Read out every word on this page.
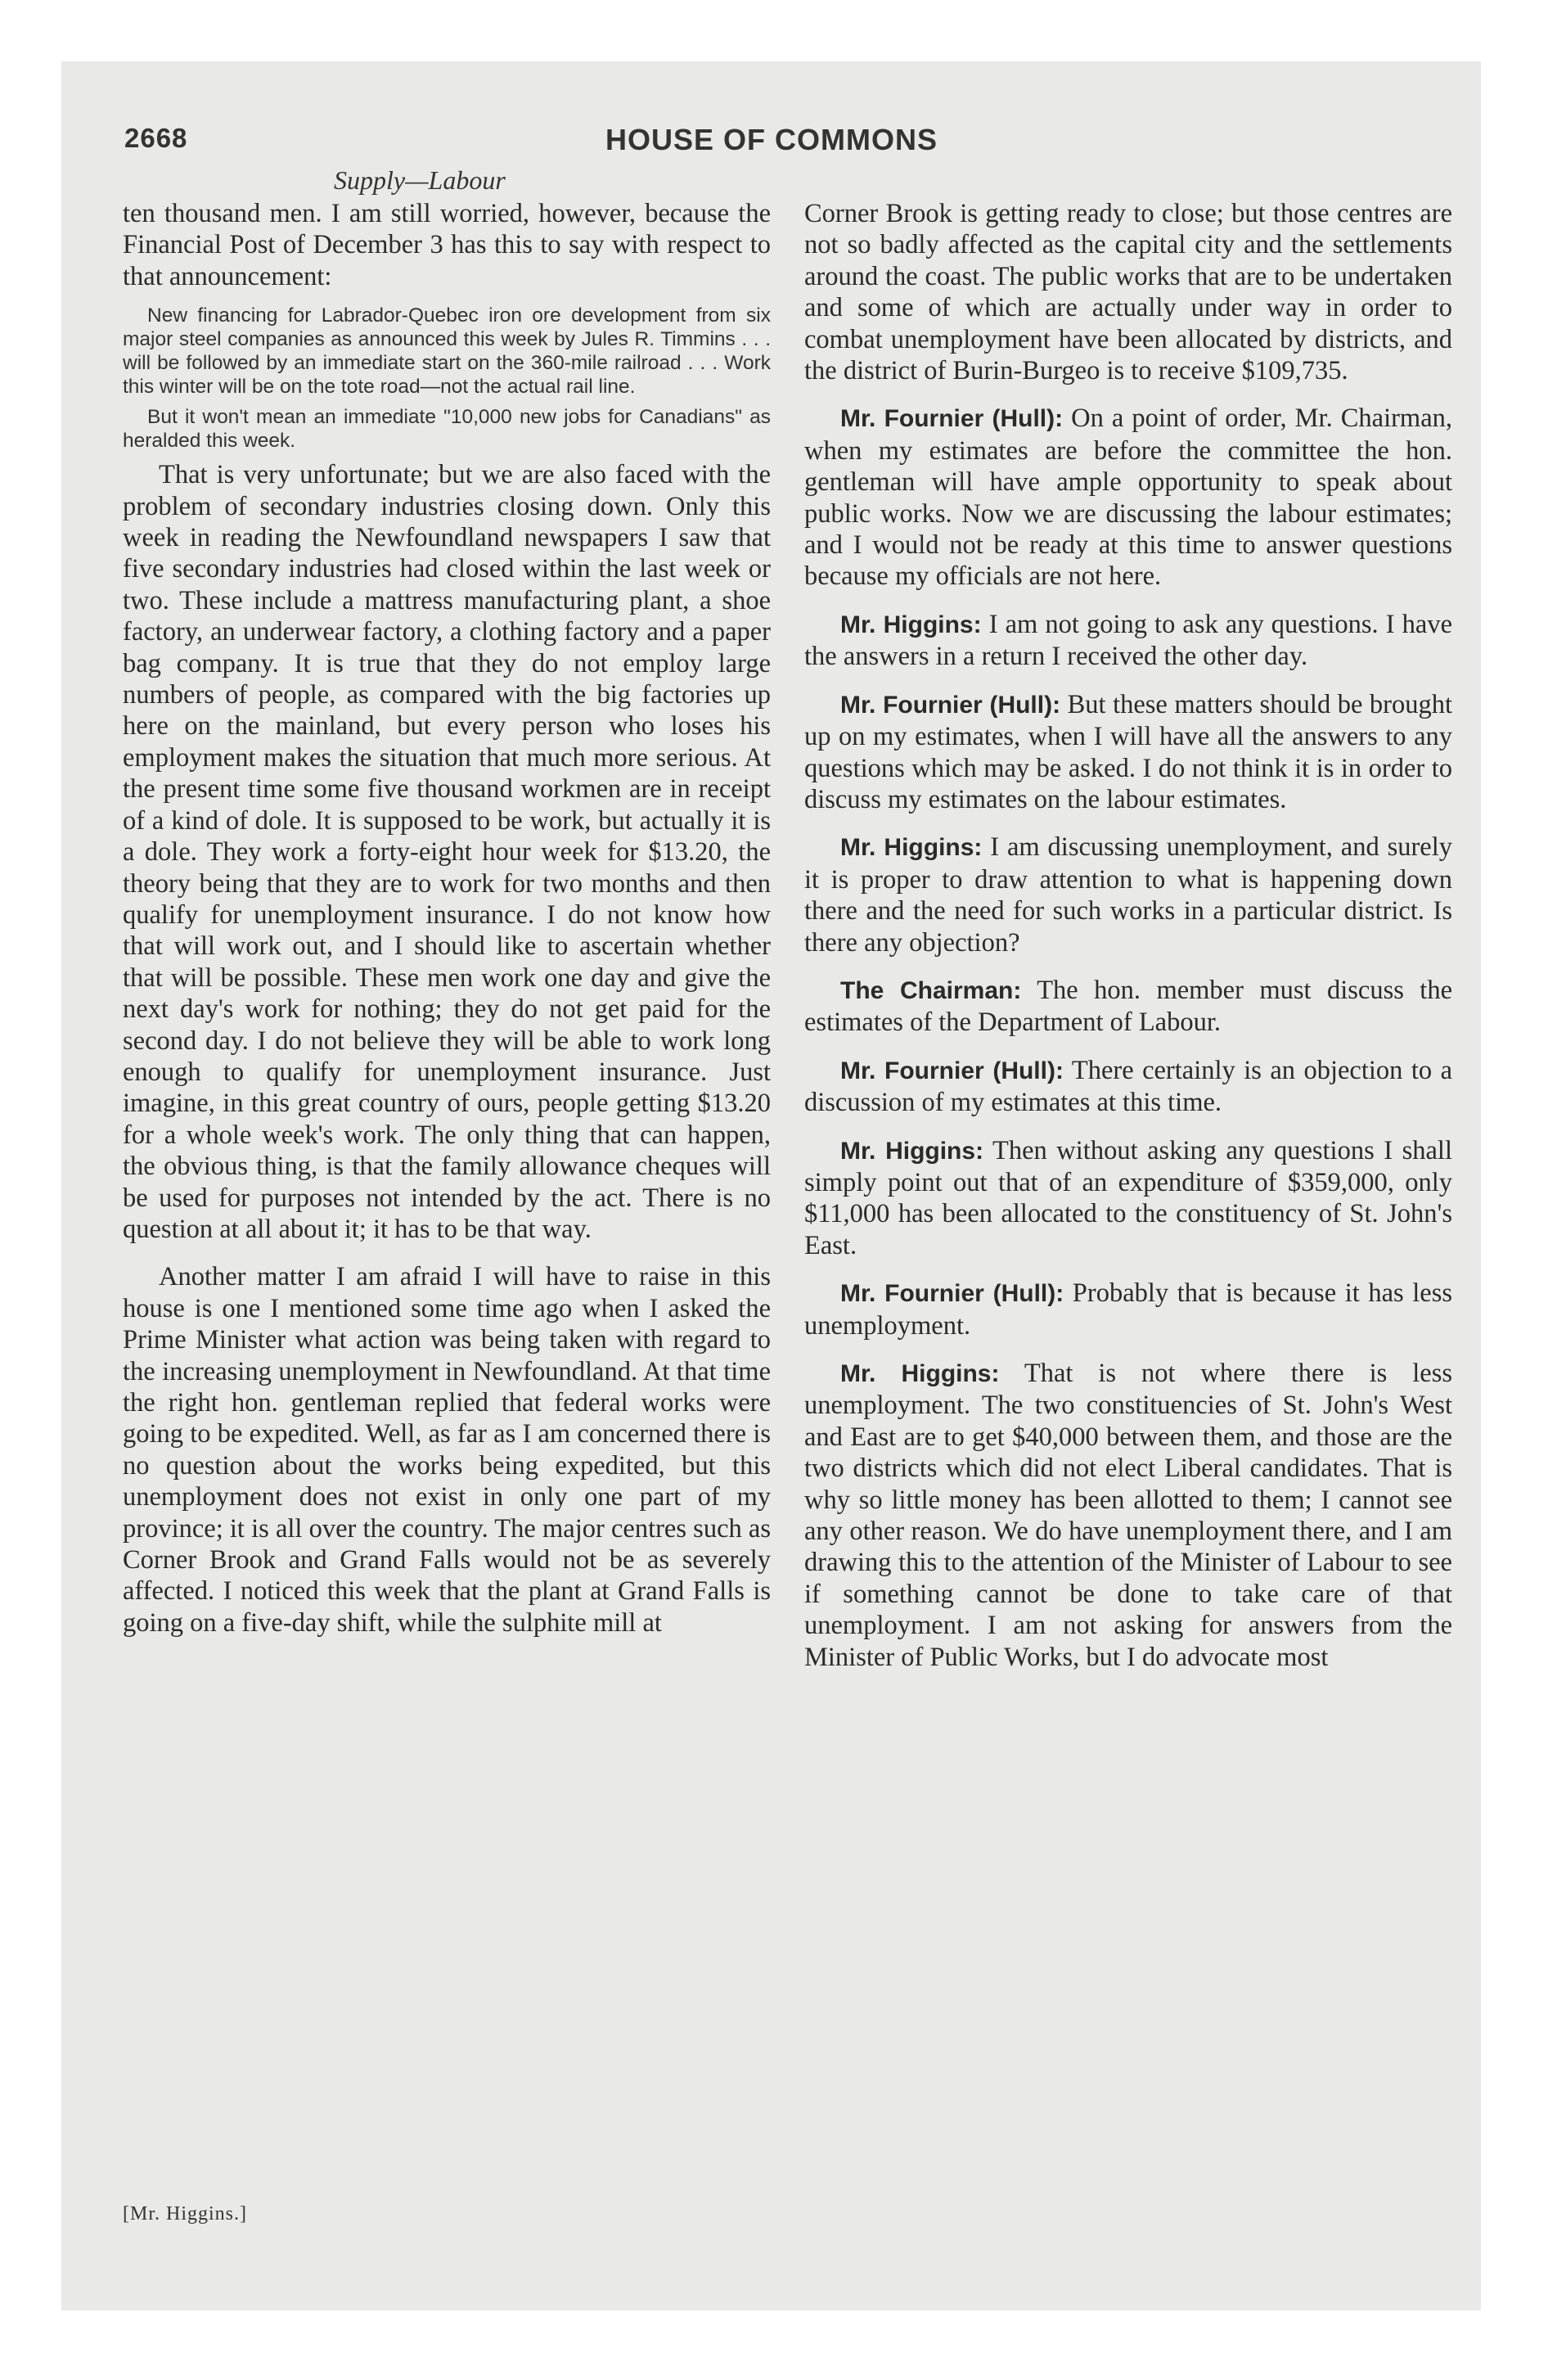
2668	HOUSE OF COMMONS
Supply—Labour

ten thousand men. I am still worried, however, because the Financial Post of December 3 has this to say with respect to that announcement:

New financing for Labrador-Quebec iron ore development from six major steel companies as announced this week by Jules R. Timmins . . . will be followed by an immediate start on the 360-mile railroad . . . Work this winter will be on the tote road—not the actual rail line.

But it won't mean an immediate "10,000 new jobs for Canadians" as heralded this week.

That is very unfortunate; but we are also faced with the problem of secondary industries closing down. Only this week in reading the Newfoundland newspapers I saw that five secondary industries had closed within the last week or two. These include a mattress manufacturing plant, a shoe factory, an underwear factory, a clothing factory and a paper bag company. It is true that they do not employ large numbers of people, as compared with the big factories up here on the mainland, but every person who loses his employment makes the situation that much more serious. At the present time some five thousand workmen are in receipt of a kind of dole. It is supposed to be work, but actually it is a dole. They work a forty-eight hour week for $13.20, the theory being that they are to work for two months and then qualify for unemployment insurance. I do not know how that will work out, and I should like to ascertain whether that will be possible. These men work one day and give the next day's work for nothing; they do not get paid for the second day. I do not believe they will be able to work long enough to qualify for unemployment insurance. Just imagine, in this great country of ours, people getting $13.20 for a whole week's work. The only thing that can happen, the obvious thing, is that the family allowance cheques will be used for purposes not intended by the act. There is no question at all about it; it has to be that way.

Another matter I am afraid I will have to raise in this house is one I mentioned some time ago when I asked the Prime Minister what action was being taken with regard to the increasing unemployment in Newfoundland. At that time the right hon. gentleman replied that federal works were going to be expedited. Well, as far as I am concerned there is no question about the works being expedited, but this unemployment does not exist in only one part of my province; it is all over the country. The major centres such as Corner Brook and Grand Falls would not be as severely affected. I noticed this week that the plant at Grand Falls is going on a five-day shift, while the sulphite mill at

Corner Brook is getting ready to close; but those centres are not so badly affected as the capital city and the settlements around the coast. The public works that are to be undertaken and some of which are actually under way in order to combat unemployment have been allocated by districts, and the district of Burin-Burgeo is to receive $109,735.

Mr. Fournier (Hull): On a point of order, Mr. Chairman, when my estimates are before the committee the hon. gentleman will have ample opportunity to speak about public works. Now we are discussing the labour estimates; and I would not be ready at this time to answer questions because my officials are not here.

Mr. Higgins: I am not going to ask any questions. I have the answers in a return I received the other day.

Mr. Fournier (Hull): But these matters should be brought up on my estimates, when I will have all the answers to any questions which may be asked. I do not think it is in order to discuss my estimates on the labour estimates.

Mr. Higgins: I am discussing unemployment, and surely it is proper to draw attention to what is happening down there and the need for such works in a particular district. Is there any objection?

The Chairman: The hon. member must discuss the estimates of the Department of Labour.

Mr. Fournier (Hull): There certainly is an objection to a discussion of my estimates at this time.

Mr. Higgins: Then without asking any questions I shall simply point out that of an expenditure of $359,000, only $11,000 has been allocated to the constituency of St. John's East.

Mr. Fournier (Hull): Probably that is because it has less unemployment.

Mr. Higgins: That is not where there is less unemployment. The two constituencies of St. John's West and East are to get $40,000 between them, and those are the two districts which did not elect Liberal candidates. That is why so little money has been allotted to them; I cannot see any other reason. We do have unemployment there, and I am drawing this to the attention of the Minister of Labour to see if something cannot be done to take care of that unemployment. I am not asking for answers from the Minister of Public Works, but I do advocate most

[Mr. Higgins.]
